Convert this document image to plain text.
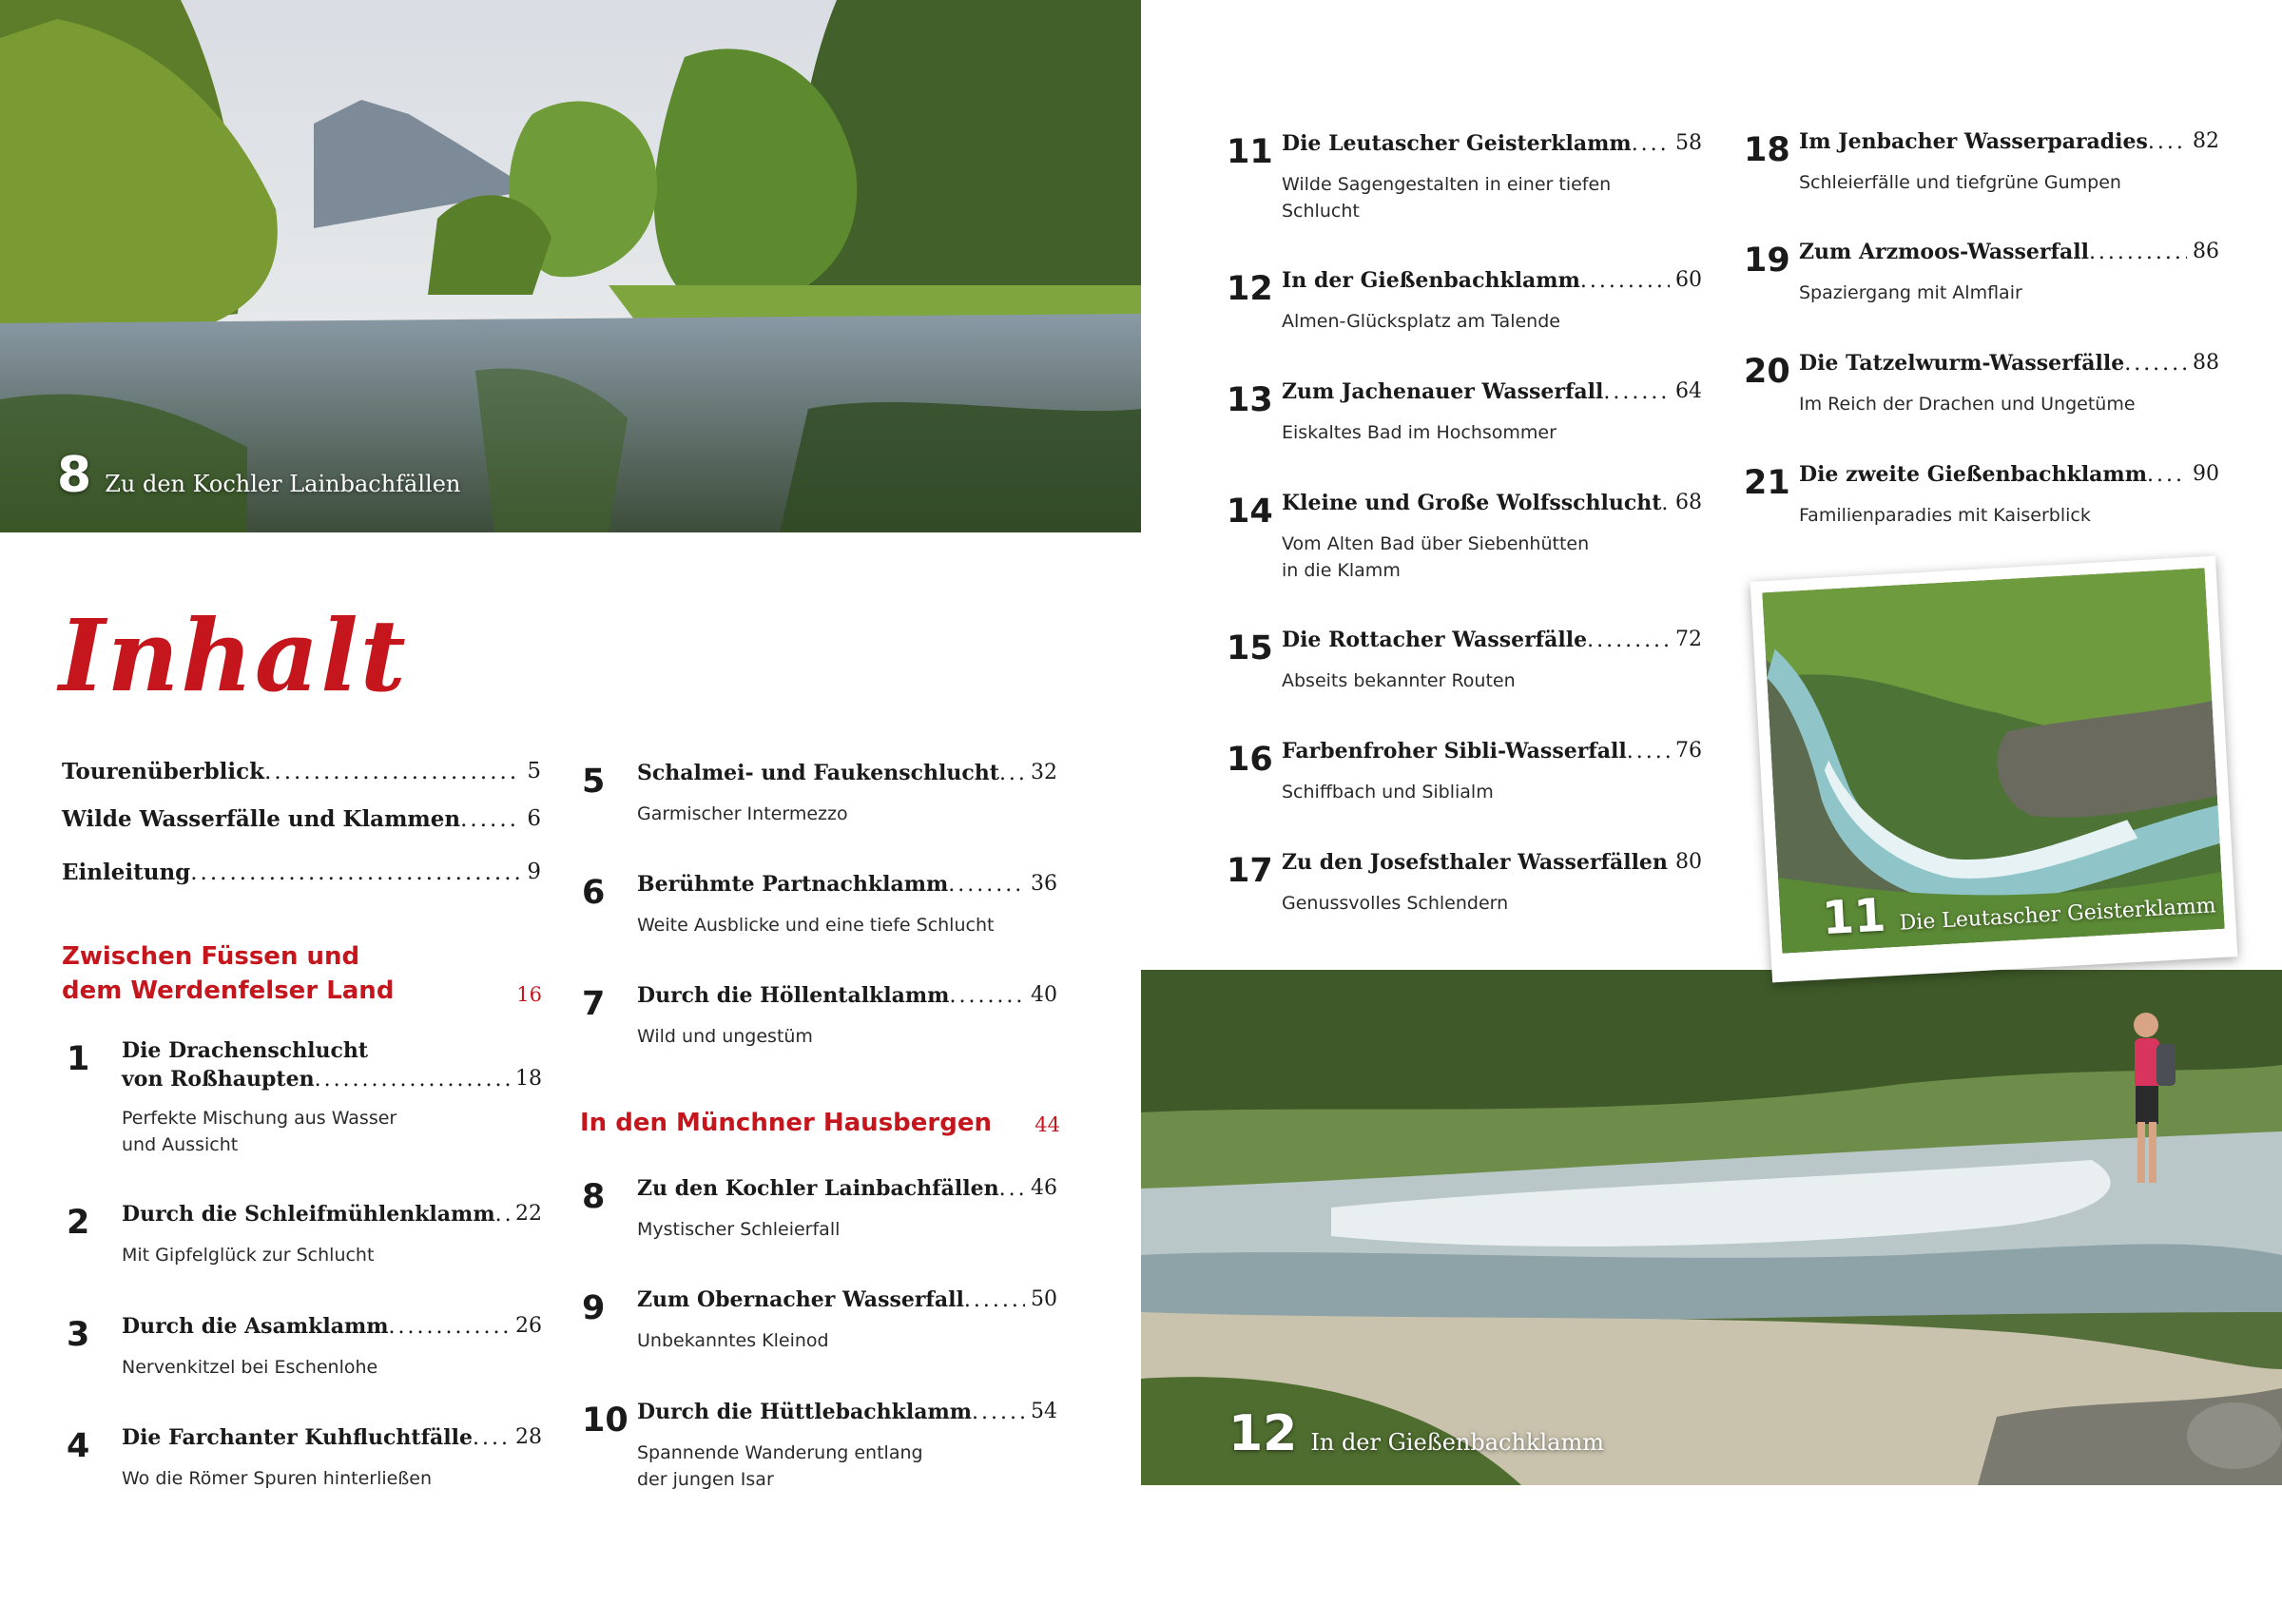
8 Zu den Kochler Lainbachfällen
12 In der Gießenbachklamm
11 Die Leutascher Geisterklamm
Inhalt
Tourenüberblick .....	5
Wilde Wasserfälle und Klammen .....	6
Einleitung .....	9
Zwischen Füssen und
dem Werdenfelser Land	16
In den Münchner Hausbergen	44
1 Die Drachenschlucht
von Roßhaupten .....	18
Perfekte Mischung aus Wasser
und Aussicht
2 Durch die Schleifmühlenklamm ..... 22
Mit Gipfelglück zur Schlucht
3 Durch die Asamklamm .....	26
Nervenkitzel bei Eschenlohe
4 Die Farchanter Kuhfluchtfälle ..... 28
Wo die Römer Spuren hinterließen
5 Schalmei- und Faukenschlucht ..... 32
Garmischer Intermezzo
6 Berühmte Partnachklamm .....	36
Weite Ausblicke und eine tiefe Schlucht
7 Durch die Höllentalklamm .....	40
Wild und ungestüm
8 Zu den Kochler Lainbachfällen ..... 46
Mystischer Schleierfall
9 Zum Obernacher Wasserfall .....	50
Unbekanntes Kleinod
10 Durch die Hüttlebachklamm .....	54
Spannende Wanderung entlang
der jungen Isar
11 Die Leutascher Geisterklamm ..... 58
Wilde Sagengestalten in einer tiefen
Schlucht
12 In der Gießenbachklamm .....	60
Almen-Glücksplatz am Talende
13 Zum Jachenauer Wasserfall .....	64
Eiskaltes Bad im Hochsommer
14 Kleine und Große Wolfsschlucht ..... 68
Vom Alten Bad über Siebenhütten
in die Klamm
15 Die Rottacher Wasserfälle .....	72
Abseits bekannter Routen
16 Farbenfroher Sibli-Wasserfall ..... 76
Schiffbach und Siblialm
17 Zu den Josefsthaler Wasserfällen ..... 80
Genussvolles Schlendern
18 Im Jenbacher Wasserparadies ..... 82
Schleierfälle und tiefgrüne Gumpen
19 Zum Arzmoos-Wasserfall .....	86
Spaziergang mit Almflair
20 Die Tatzelwurm-Wasserfälle .....	88
Im Reich der Drachen und Ungetüme
21 Die zweite Gießenbachklamm ..... 90
Familienparadies mit Kaiserblick
